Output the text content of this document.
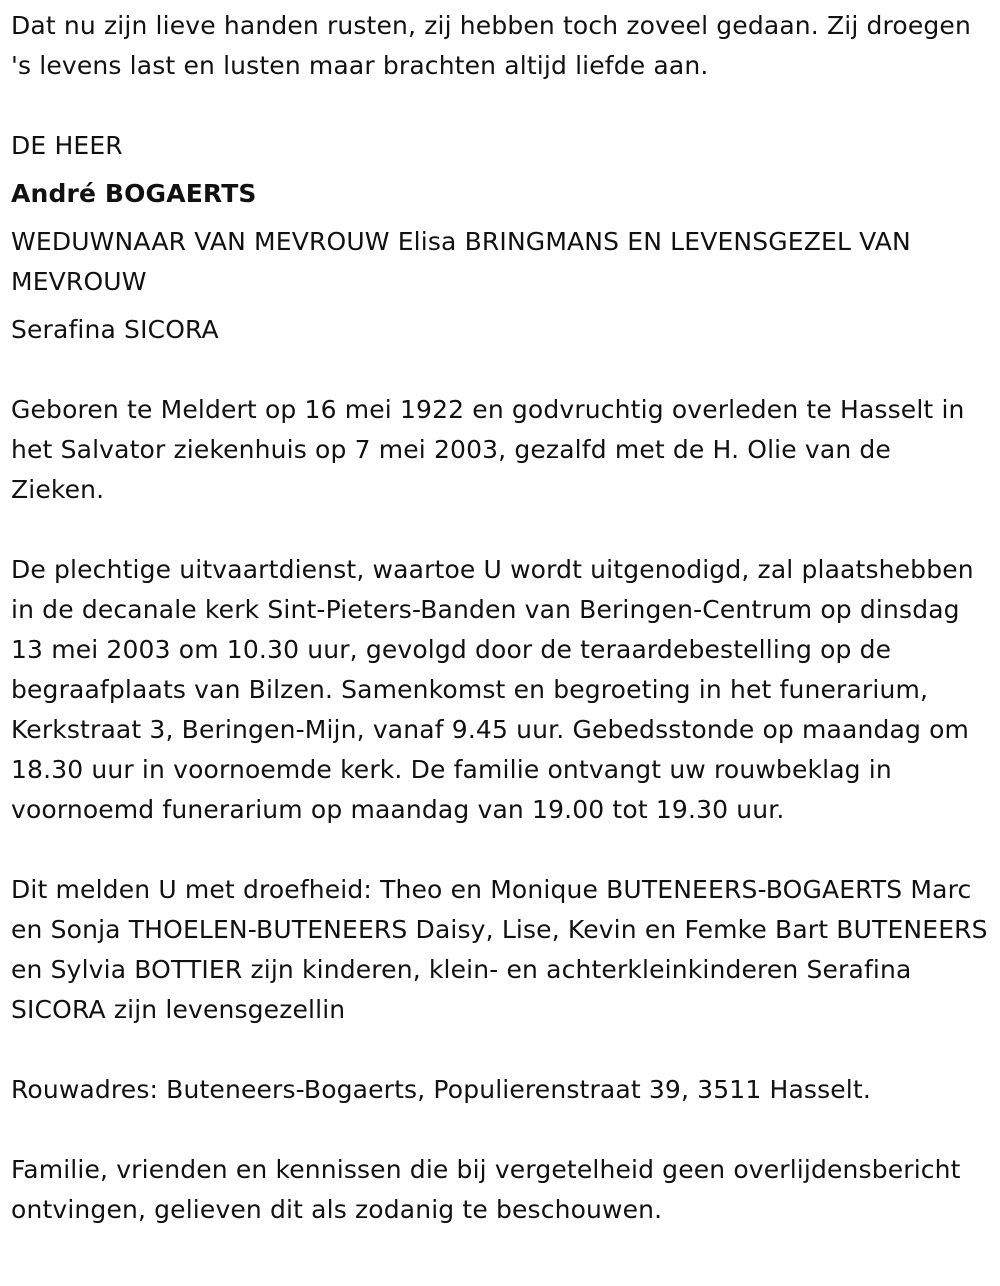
Dat nu zijn lieve handen rusten, zij hebben toch zoveel gedaan. Zij droegen 's levens last en lusten maar brachten altijd liefde aan.

DE HEER

André BOGAERTS

WEDUWNAAR VAN MEVROUW Elisa BRINGMANS EN LEVENSGEZEL VAN MEVROUW

Serafina SICORA

Geboren te Meldert op 16 mei 1922 en godvruchtig overleden te Hasselt in het Salvator ziekenhuis op 7 mei 2003, gezalfd met de H. Olie van de Zieken.

De plechtige uitvaartdienst, waartoe U wordt uitgenodigd, zal plaatshebben in de decanale kerk Sint-Pieters-Banden van Beringen-Centrum op dinsdag 13 mei 2003 om 10.30 uur, gevolgd door de teraardebestelling op de begraafplaats van Bilzen. Samenkomst en begroeting in het funerarium, Kerkstraat 3, Beringen-Mijn, vanaf 9.45 uur. Gebedsstonde op maandag om 18.30 uur in voornoemde kerk. De familie ontvangt uw rouwbeklag in voornoemd funerarium op maandag van 19.00 tot 19.30 uur.

Dit melden U met droefheid: Theo en Monique BUTENEERS-BOGAERTS Marc en Sonja THOELEN-BUTENEERS Daisy, Lise, Kevin en Femke Bart BUTENEERS en Sylvia BOTTIER zijn kinderen, klein- en achterkleinkinderen Serafina SICORA zijn levensgezellin

Rouwadres: Buteneers-Bogaerts, Populierenstraat 39, 3511 Hasselt.

Familie, vrienden en kennissen die bij vergetelheid geen overlijdensbericht ontvingen, gelieven dit als zodanig te beschouwen.
